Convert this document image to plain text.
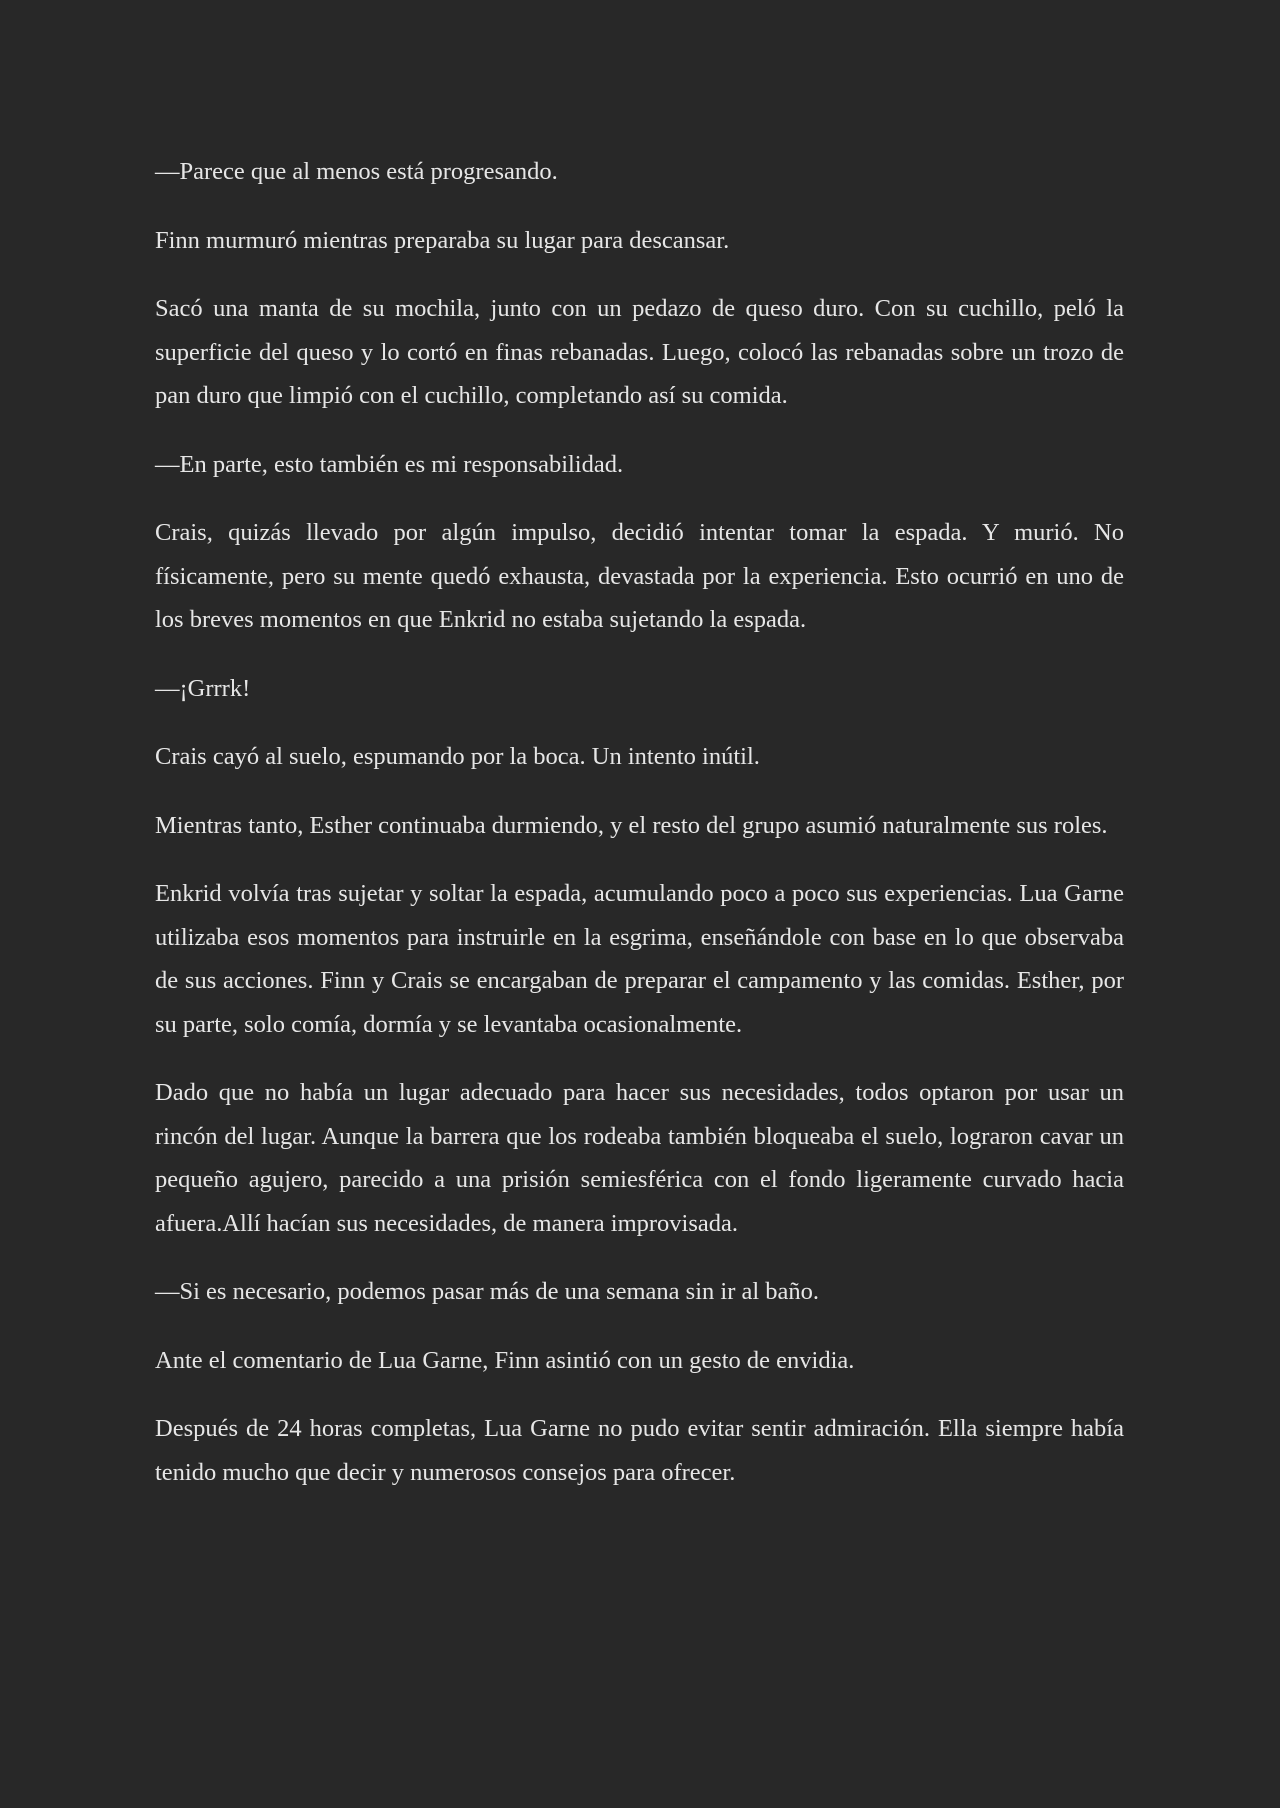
—Parece que al menos está progresando.

Finn murmuró mientras preparaba su lugar para descansar.

Sacó una manta de su mochila, junto con un pedazo de queso duro. Con su cuchillo, peló la superficie del queso y lo cortó en finas rebanadas. Luego, colocó las rebanadas sobre un trozo de pan duro que limpió con el cuchillo, completando así su comida.

—En parte, esto también es mi responsabilidad.

Crais, quizás llevado por algún impulso, decidió intentar tomar la espada. Y murió. No físicamente, pero su mente quedó exhausta, devastada por la experiencia. Esto ocurrió en uno de los breves momentos en que Enkrid no estaba sujetando la espada.

—¡Grrrk!

Crais cayó al suelo, espumando por la boca. Un intento inútil.

Mientras tanto, Esther continuaba durmiendo, y el resto del grupo asumió naturalmente sus roles.

Enkrid volvía tras sujetar y soltar la espada, acumulando poco a poco sus experiencias. Lua Garne utilizaba esos momentos para instruirle en la esgrima, enseñándole con base en lo que observaba de sus acciones. Finn y Crais se encargaban de preparar el campamento y las comidas. Esther, por su parte, solo comía, dormía y se levantaba ocasionalmente.

Dado que no había un lugar adecuado para hacer sus necesidades, todos optaron por usar un rincón del lugar. Aunque la barrera que los rodeaba también bloqueaba el suelo, lograron cavar un pequeño agujero, parecido a una prisión semiesférica con el fondo ligeramente curvado hacia afuera.Allí hacían sus necesidades, de manera improvisada.

—Si es necesario, podemos pasar más de una semana sin ir al baño.

Ante el comentario de Lua Garne, Finn asintió con un gesto de envidia.

Después de 24 horas completas, Lua Garne no pudo evitar sentir admiración. Ella siempre había tenido mucho que decir y numerosos consejos para ofrecer.
